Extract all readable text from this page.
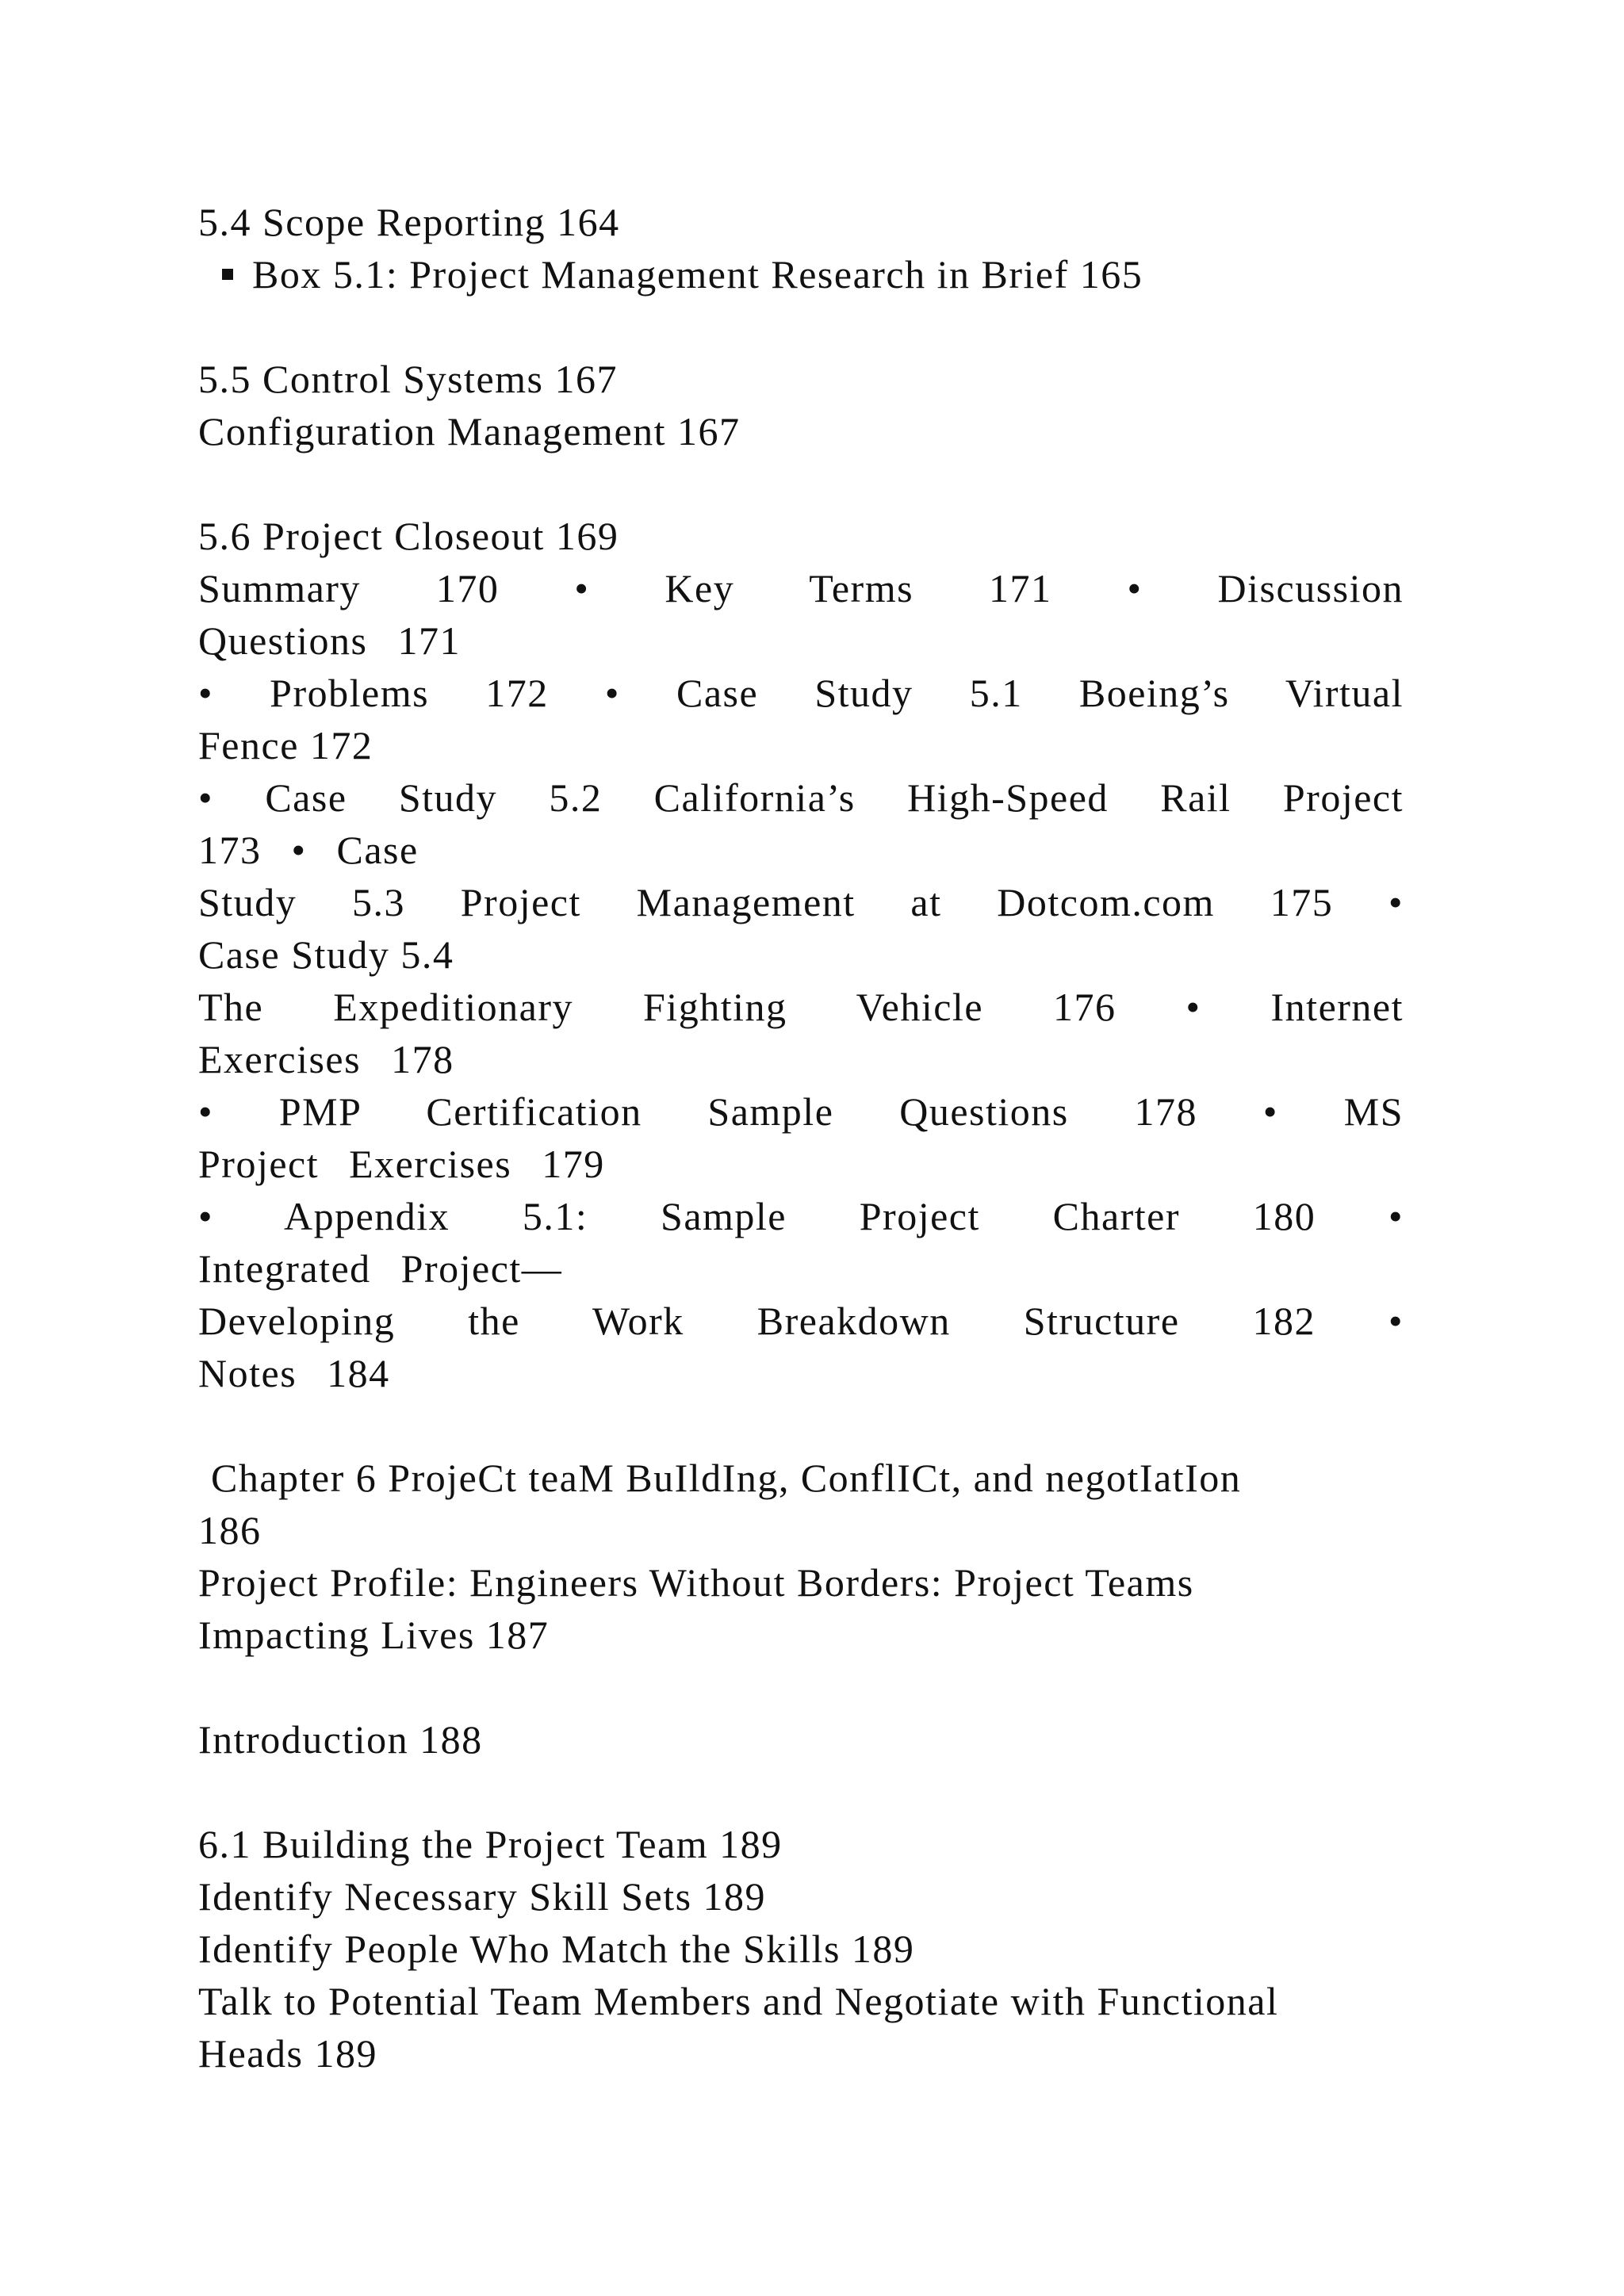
5.4 Scope Reporting 164
Box 5.1: Project Management Research in Brief 165
5.5 Control Systems 167
Configuration Management 167
5.6 Project Closeout 169
Summary 170 • Key Terms 171 • Discussion
Questions 171
• Problems 172 • Case Study 5.1 Boeing’s Virtual
Fence 172
• Case Study 5.2 California’s High-Speed Rail Project
173 • Case
Study 5.3 Project Management at Dotcom.com 175 •
Case Study 5.4
The Expeditionary Fighting Vehicle 176 • Internet
Exercises 178
• PMP Certification Sample Questions 178 • MS
Project Exercises 179
• Appendix 5.1: Sample Project Charter 180 •
Integrated Project—
Developing the Work Breakdown Structure 182 •
Notes 184
Chapter 6 ProjeCt teaM BuIldIng, ConflICt, and negotIatIon
186
Project Profile: Engineers Without Borders: Project Teams
Impacting Lives 187
Introduction 188
6.1 Building the Project Team 189
Identify Necessary Skill Sets 189
Identify People Who Match the Skills 189
Talk to Potential Team Members and Negotiate with Functional
Heads 189
